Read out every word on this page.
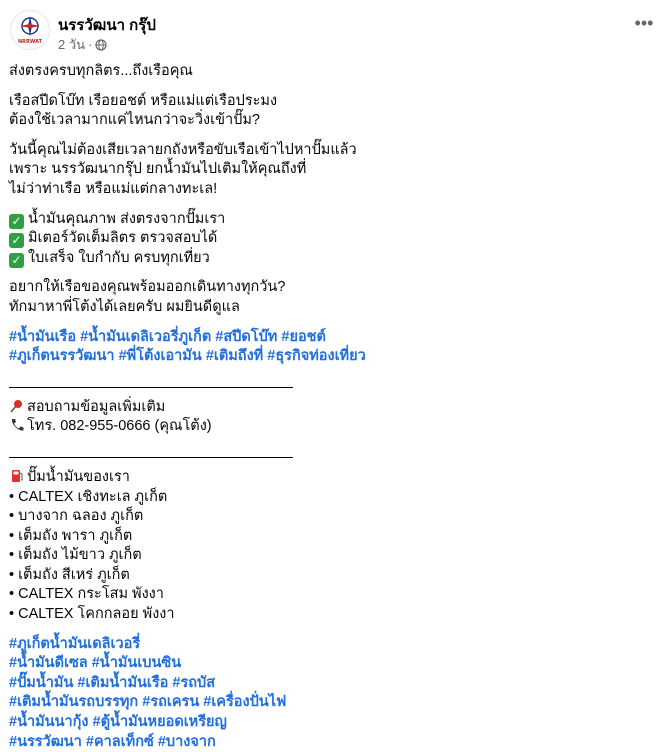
NRRWAT
นรรวัฒนา กรุ๊ป
2 วัน ·
•••
ส่งตรงครบทุกลิตร...ถึงเรือคุณ
เรือสปีดโบ๊ท เรือยอชต์ หรือแม่แต่เรือประมง
ต้องใช้เวลามากแค่ไหนกว่าจะวิ่งเข้าปั๊ม?
วันนี้คุณไม่ต้องเสียเวลายกถังหรือขับเรือเข้าไปหาปั๊มแล้ว
เพราะ นรรวัฒนากรุ๊ป ยกน้ำมันไปเติมให้คุณถึงที่
ไม่ว่าท่าเรือ หรือแม่แต่กลางทะเล!
✓ น้ำมันคุณภาพ ส่งตรงจากปั๊มเรา
✓ มิเตอร์วัดเต็มลิตร ตรวจสอบได้
✓ ใบเสร็จ ใบกำกับ ครบทุกเที่ยว
อยากให้เรือของคุณพร้อมออกเดินทางทุกวัน?
ทักมาหาพี่โต้งได้เลยครับ ผมยินดีดูแล
#น้ำมันเรือ #น้ำมันเดลิเวอรี่ภูเก็ต #สปีดโบ๊ท #ยอชต์
#ภูเก็ตนรรวัฒนา #พี่โต้งเอามัน #เติมถึงที่ #ธุรกิจท่องเที่ยว
สอบถามข้อมูลเพิ่มเติม
โทร. 082-955-0666 (คุณโต้ง)
ปั๊มน้ำมันของเรา
• CALTEX เชิงทะเล ภูเก็ต
• บางจาก ฉลอง ภูเก็ต
• เต็มถัง พารา ภูเก็ต
• เต็มถัง ไม้ขาว ภูเก็ต
• เต็มถัง สีเหร่ ภูเก็ต
• CALTEX กระโสม พังงา
• CALTEX โคกกลอย พังงา
#ภูเก็ตน้ำมันเดลิเวอรี่
#น้ำมันดีเซล #น้ำมันเบนซิน
#ปั๊มน้ำมัน #เติมน้ำมันเรือ #รถบัส
#เติมน้ำมันรถบรรทุก #รถเครน #เครื่องปั่นไฟ
#น้ำมันนากุ้ง #ตู้น้ำมันหยอดเหรียญ
#นรรวัฒนา #คาลเท็กซ์ #บางจาก
